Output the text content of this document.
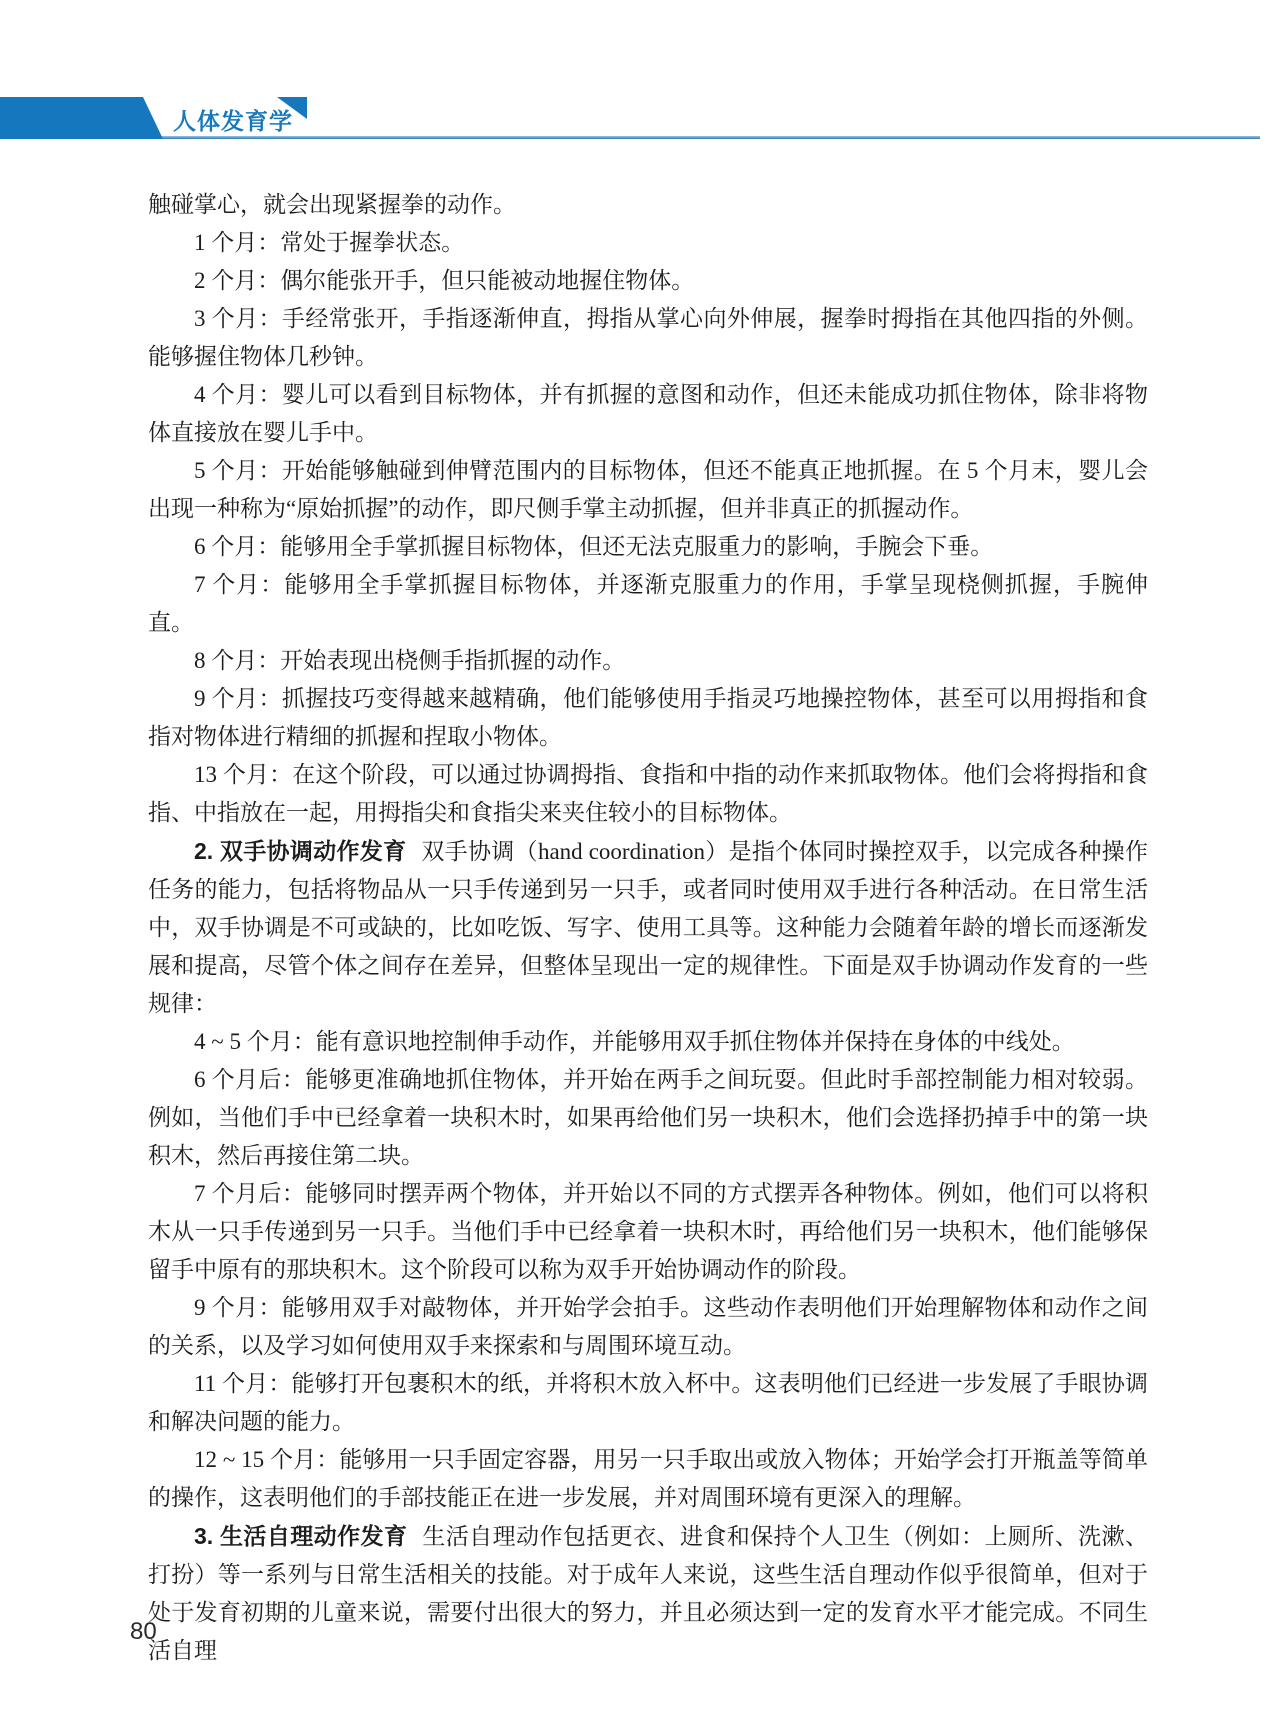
人体发育学

触碰掌心，就会出现紧握拳的动作。

1 个月：常处于握拳状态。

2 个月：偶尔能张开手，但只能被动地握住物体。

3 个月：手经常张开，手指逐渐伸直，拇指从掌心向外伸展，握拳时拇指在其他四指的外侧。能够握住物体几秒钟。

4 个月：婴儿可以看到目标物体，并有抓握的意图和动作，但还未能成功抓住物体，除非将物体直接放在婴儿手中。

5 个月：开始能够触碰到伸臂范围内的目标物体，但还不能真正地抓握。在 5 个月末，婴儿会出现一种称为“原始抓握”的动作，即尺侧手掌主动抓握，但并非真正的抓握动作。

6 个月：能够用全手掌抓握目标物体，但还无法克服重力的影响，手腕会下垂。

7 个月：能够用全手掌抓握目标物体，并逐渐克服重力的作用，手掌呈现桡侧抓握，手腕伸直。

8 个月：开始表现出桡侧手指抓握的动作。

9 个月：抓握技巧变得越来越精确，他们能够使用手指灵巧地操控物体，甚至可以用拇指和食指对物体进行精细的抓握和捏取小物体。

13 个月：在这个阶段，可以通过协调拇指、食指和中指的动作来抓取物体。他们会将拇指和食指、中指放在一起，用拇指尖和食指尖来夹住较小的目标物体。

2. 双手协调动作发育 双手协调（hand coordination）是指个体同时操控双手，以完成各种操作任务的能力，包括将物品从一只手传递到另一只手，或者同时使用双手进行各种活动。在日常生活中，双手协调是不可或缺的，比如吃饭、写字、使用工具等。这种能力会随着年龄的增长而逐渐发展和提高，尽管个体之间存在差异，但整体呈现出一定的规律性。下面是双手协调动作发育的一些规律：

4 ~ 5 个月：能有意识地控制伸手动作，并能够用双手抓住物体并保持在身体的中线处。

6 个月后：能够更准确地抓住物体，并开始在两手之间玩耍。但此时手部控制能力相对较弱。例如，当他们手中已经拿着一块积木时，如果再给他们另一块积木，他们会选择扔掉手中的第一块积木，然后再接住第二块。

7 个月后：能够同时摆弄两个物体，并开始以不同的方式摆弄各种物体。例如，他们可以将积木从一只手传递到另一只手。当他们手中已经拿着一块积木时，再给他们另一块积木，他们能够保留手中原有的那块积木。这个阶段可以称为双手开始协调动作的阶段。

9 个月：能够用双手对敲物体，并开始学会拍手。这些动作表明他们开始理解物体和动作之间的关系，以及学习如何使用双手来探索和与周围环境互动。

11 个月：能够打开包裹积木的纸，并将积木放入杯中。这表明他们已经进一步发展了手眼协调和解决问题的能力。

12 ~ 15 个月：能够用一只手固定容器，用另一只手取出或放入物体；开始学会打开瓶盖等简单的操作，这表明他们的手部技能正在进一步发展，并对周围环境有更深入的理解。

3. 生活自理动作发育 生活自理动作包括更衣、进食和保持个人卫生（例如：上厕所、洗漱、打扮）等一系列与日常生活相关的技能。对于成年人来说，这些生活自理动作似乎很简单，但对于处于发育初期的儿童来说，需要付出很大的努力，并且必须达到一定的发育水平才能完成。不同生活自理

80
